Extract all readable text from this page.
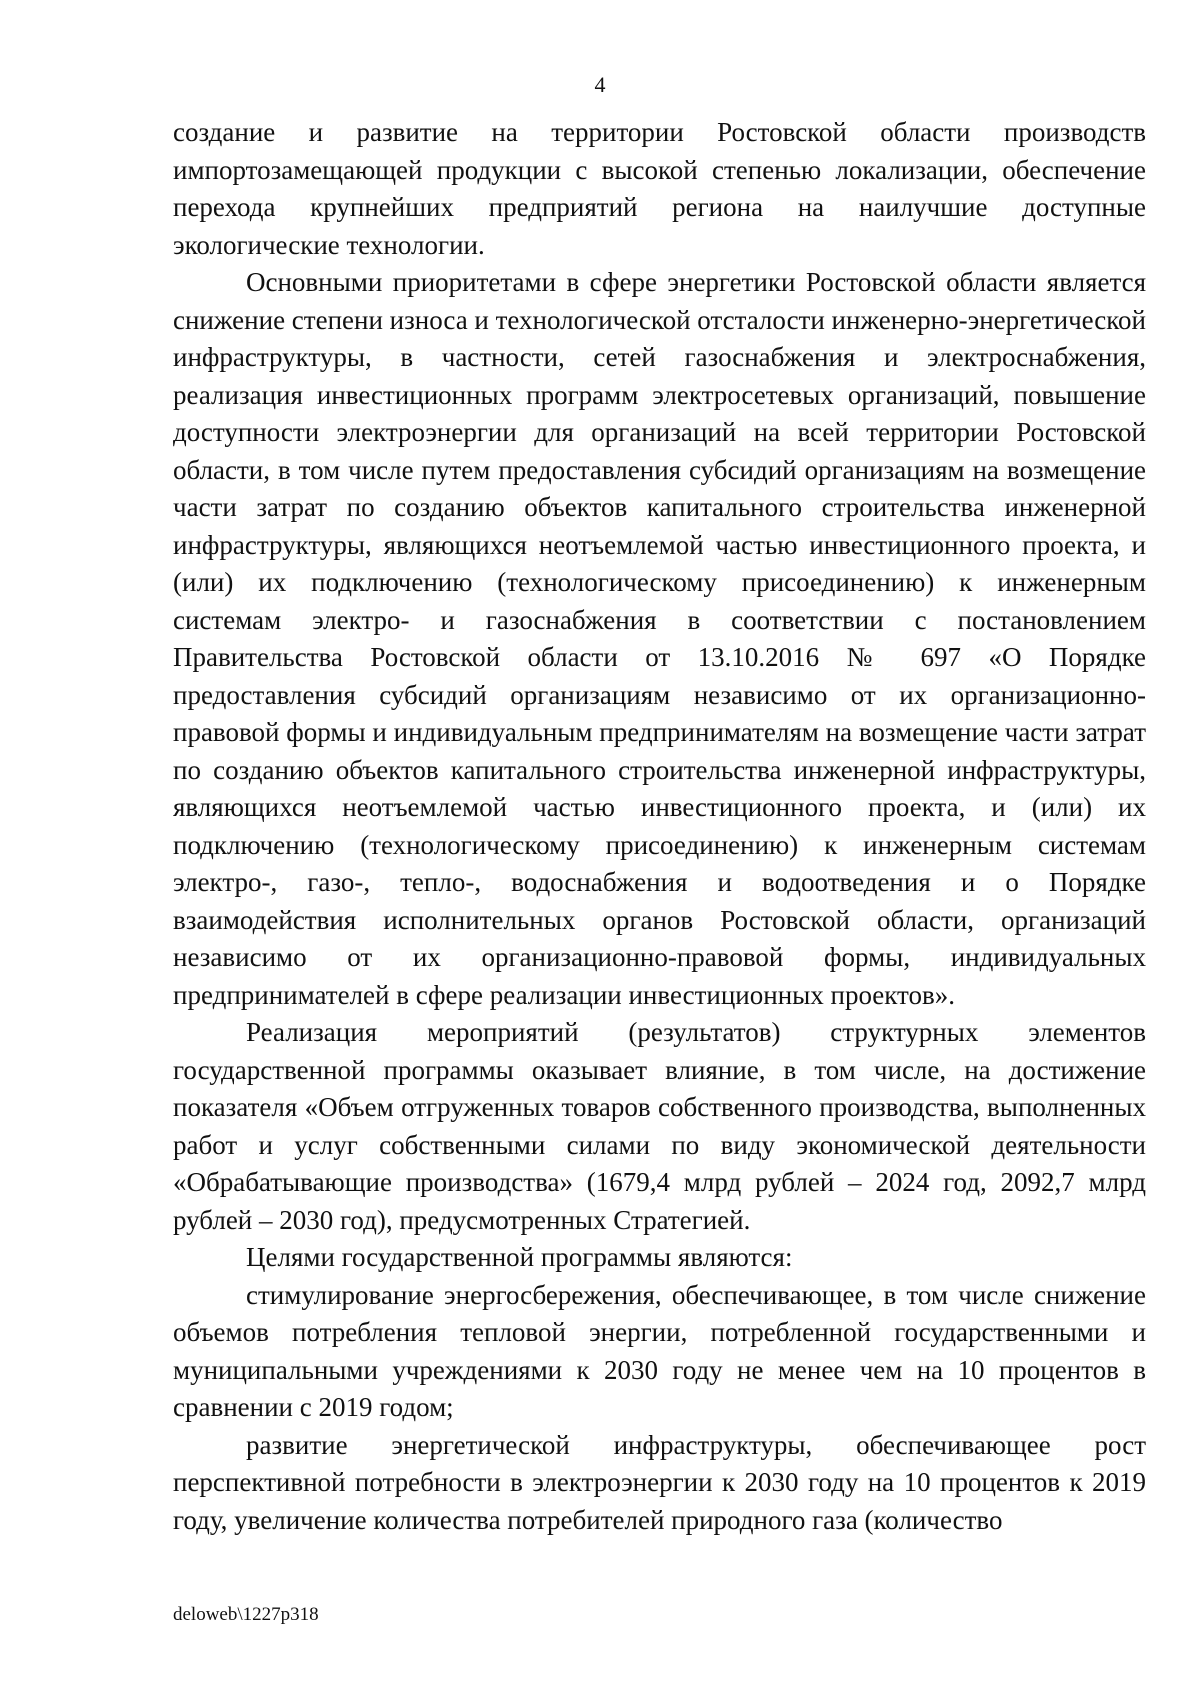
4

создание и развитие на территории Ростовской области производств импортозамещающей продукции с высокой степенью локализации, обеспечение перехода крупнейших предприятий региона на наилучшие доступные экологические технологии.

Основными приоритетами в сфере энергетики Ростовской области является снижение степени износа и технологической отсталости инженерно-энергетической инфраструктуры, в частности, сетей газоснабжения и электроснабжения, реализация инвестиционных программ электросетевых организаций, повышение доступности электроэнергии для организаций на всей территории Ростовской области, в том числе путем предоставления субсидий организациям на возмещение части затрат по созданию объектов капитального строительства инженерной инфраструктуры, являющихся неотъемлемой частью инвестиционного проекта, и (или) их подключению (технологическому присоединению) к инженерным системам электро- и газоснабжения в соответствии с постановлением Правительства Ростовской области от 13.10.2016 № 697 «О Порядке предоставления субсидий организациям независимо от их организационно-правовой формы и индивидуальным предпринимателям на возмещение части затрат по созданию объектов капитального строительства инженерной инфраструктуры, являющихся неотъемлемой частью инвестиционного проекта, и (или) их подключению (технологическому присоединению) к инженерным системам электро-, газо-, тепло-, водоснабжения и водоотведения и о Порядке взаимодействия исполнительных органов Ростовской области, организаций независимо от их организационно-правовой формы, индивидуальных предпринимателей в сфере реализации инвестиционных проектов».

Реализация мероприятий (результатов) структурных элементов государственной программы оказывает влияние, в том числе, на достижение показателя «Объем отгруженных товаров собственного производства, выполненных работ и услуг собственными силами по виду экономической деятельности «Обрабатывающие производства» (1679,4 млрд рублей – 2024 год, 2092,7 млрд рублей – 2030 год), предусмотренных Стратегией.

Целями государственной программы являются:

стимулирование энергосбережения, обеспечивающее, в том числе снижение объемов потребления тепловой энергии, потребленной государственными и муниципальными учреждениями к 2030 году не менее чем на 10 процентов в сравнении с 2019 годом;

развитие энергетической инфраструктуры, обеспечивающее рост перспективной потребности в электроэнергии к 2030 году на 10 процентов к 2019 году, увеличение количества потребителей природного газа (количество

deloweb\1227p318
